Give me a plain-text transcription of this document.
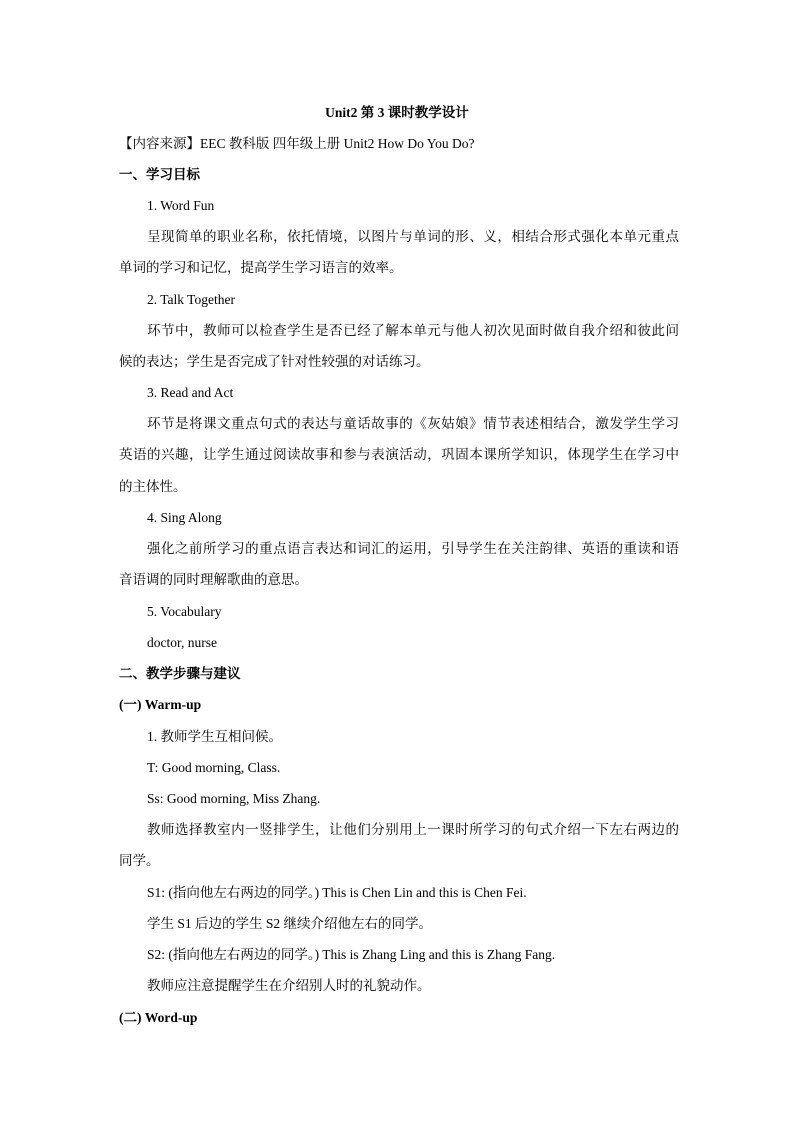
Unit2 第 3 课时教学设计
【内容来源】EEC 教科版 四年级上册 Unit2 How Do You Do?
一、学习目标
1. Word Fun
呈现简单的职业名称，依托情境，以图片与单词的形、义，相结合形式强化本单元重点
单词的学习和记忆，提高学生学习语言的效率。
2. Talk Together
环节中，教师可以检查学生是否已经了解本单元与他人初次见面时做自我介绍和彼此问
候的表达；学生是否完成了针对性较强的对话练习。
3. Read and Act
环节是将课文重点句式的表达与童话故事的《灰姑娘》情节表述相结合，激发学生学习
英语的兴趣，让学生通过阅读故事和参与表演活动，巩固本课所学知识，体现学生在学习中
的主体性。
4. Sing Along
强化之前所学习的重点语言表达和词汇的运用，引导学生在关注韵律、英语的重读和语
音语调的同时理解歌曲的意思。
5. Vocabulary
doctor, nurse
二、教学步骤与建议
(一) Warm-up
1. 教师学生互相问候。
T: Good morning, Class.
Ss: Good morning, Miss Zhang.
教师选择教室内一竖排学生，让他们分别用上一课时所学习的句式介绍一下左右两边的
同学。
S1: (指向他左右两边的同学。) This is Chen Lin and this is Chen Fei.
学生 S1 后边的学生 S2 继续介绍他左右的同学。
S2: (指向他左右两边的同学。) This is Zhang Ling and this is Zhang Fang.
教师应注意提醒学生在介绍别人时的礼貌动作。
(二) Word-up
